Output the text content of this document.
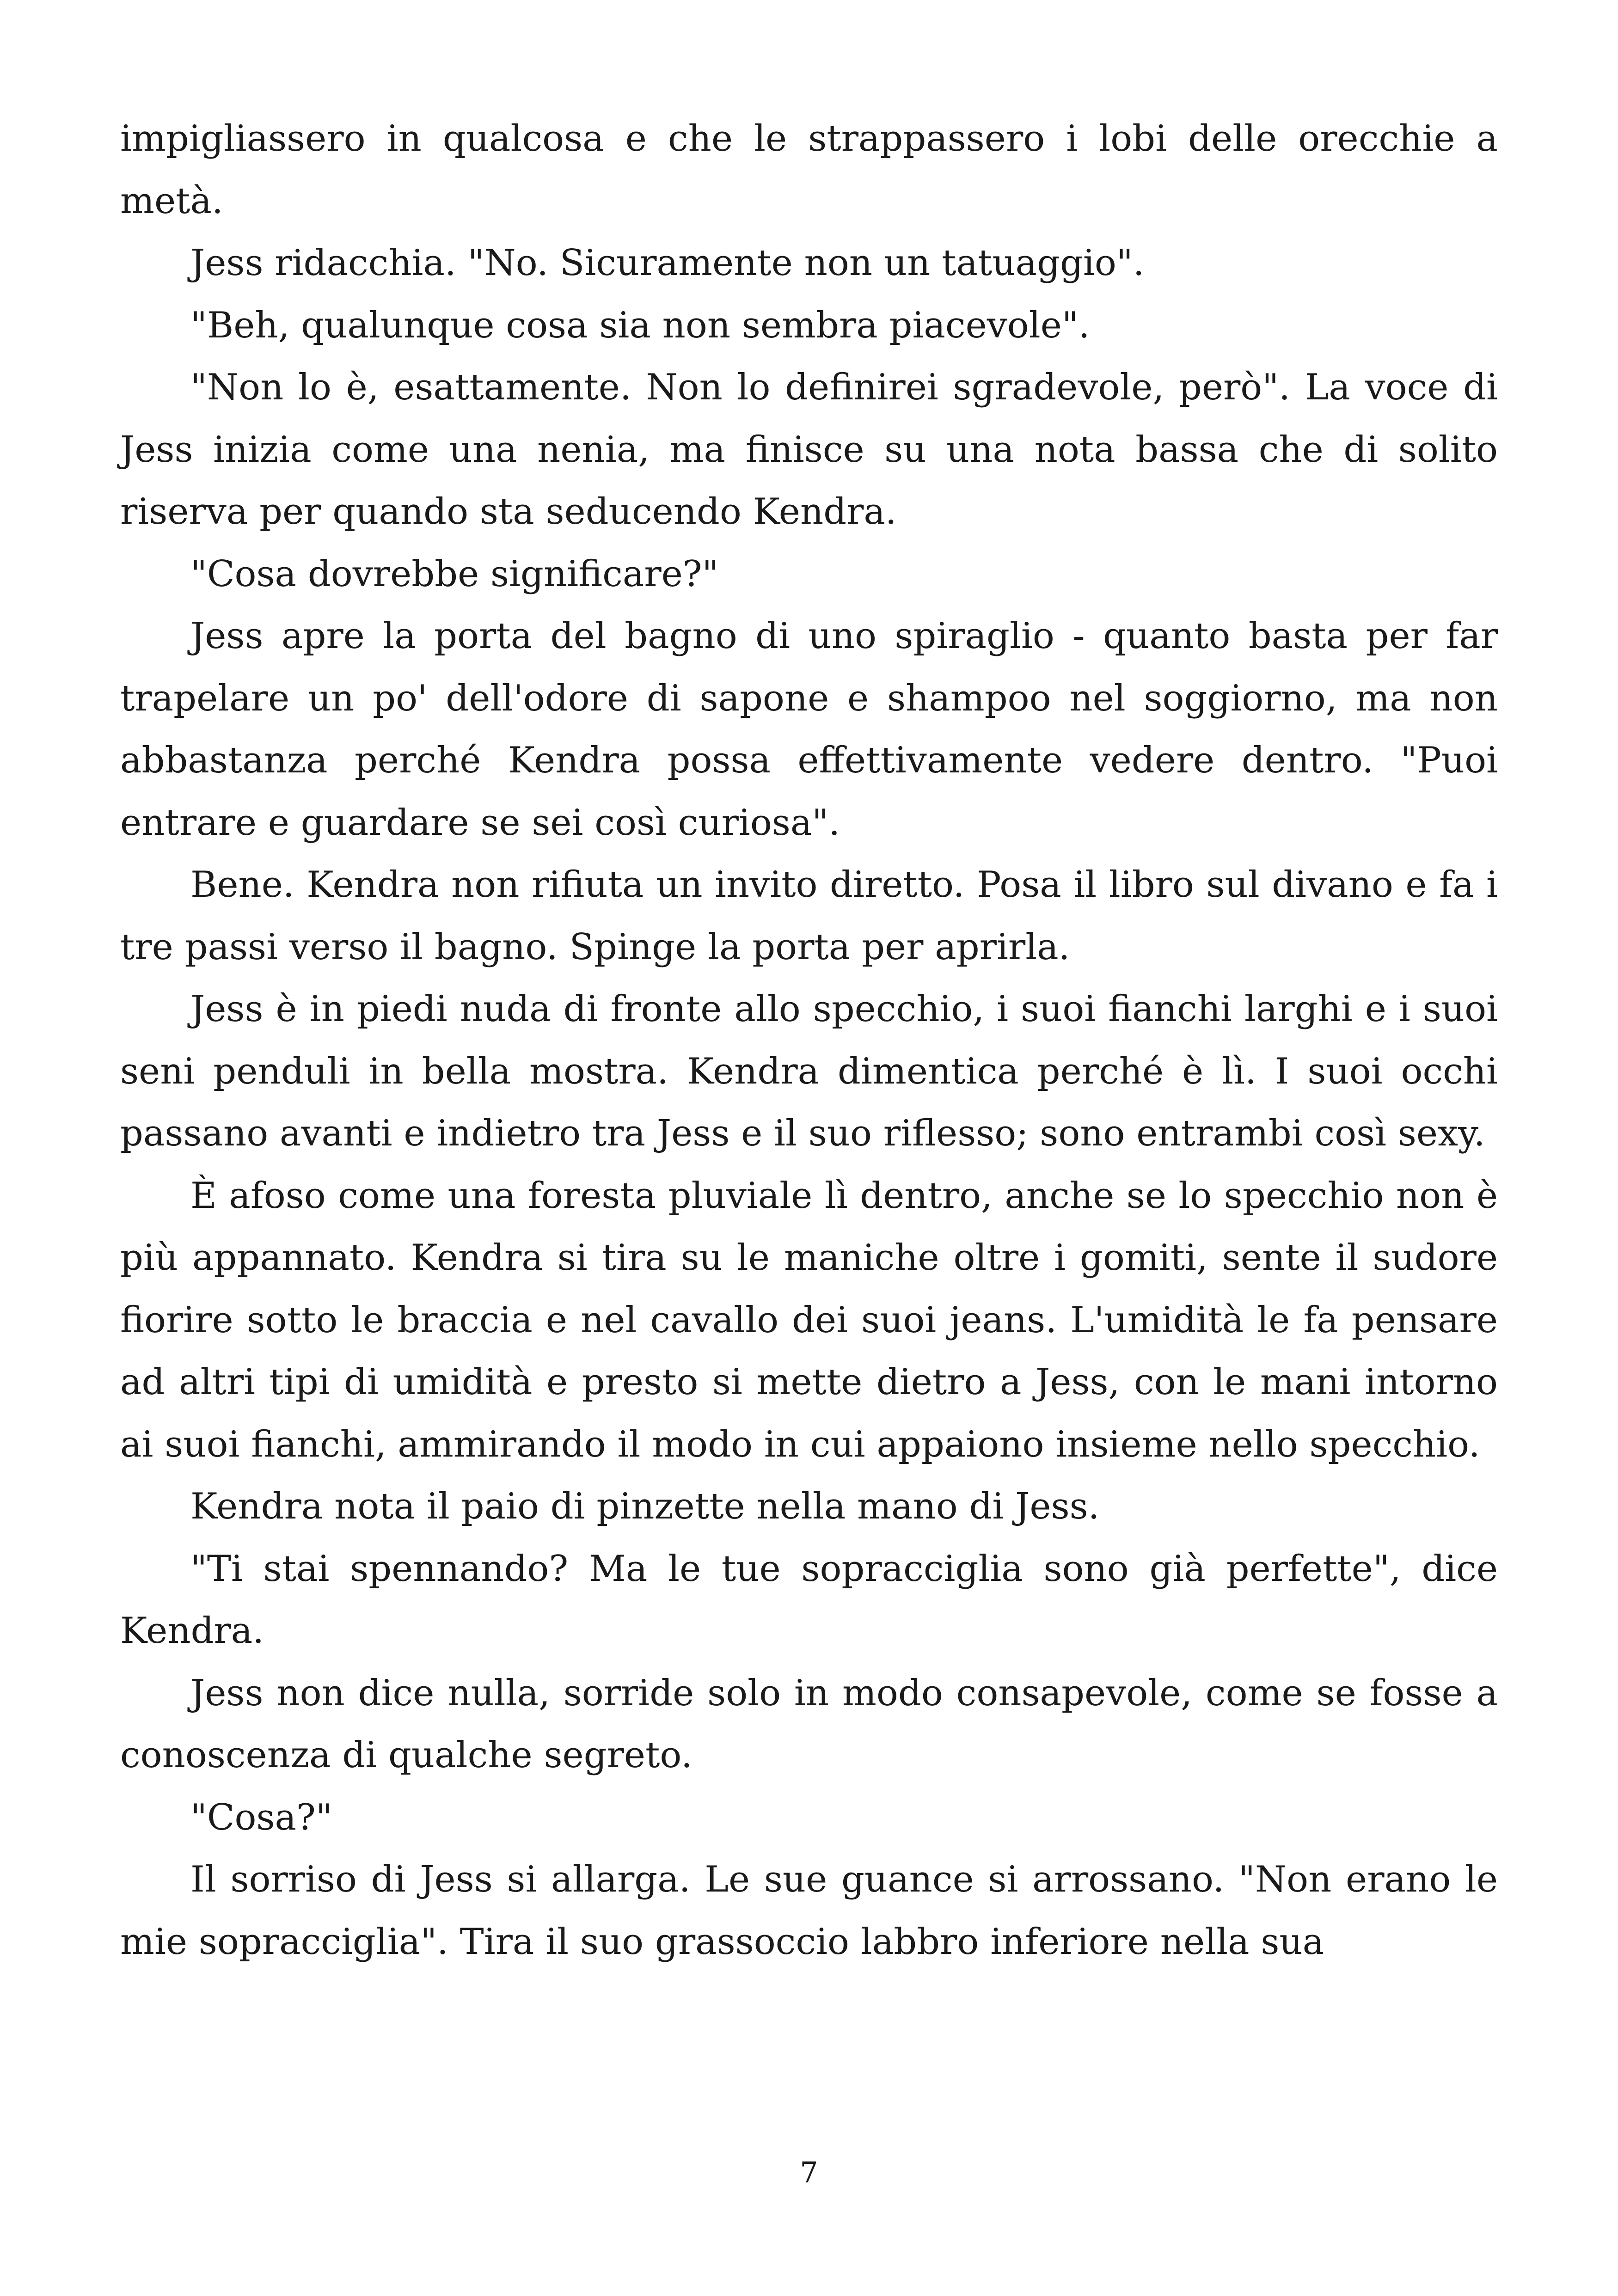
impigliassero in qualcosa e che le strappassero i lobi delle orecchie a metà.

Jess ridacchia. "No. Sicuramente non un tatuaggio".

"Beh, qualunque cosa sia non sembra piacevole".

"Non lo è, esattamente. Non lo definirei sgradevole, però". La voce di Jess inizia come una nenia, ma finisce su una nota bassa che di solito riserva per quando sta seducendo Kendra.

"Cosa dovrebbe significare?"

Jess apre la porta del bagno di uno spiraglio - quanto basta per far trapelare un po' dell'odore di sapone e shampoo nel soggiorno, ma non abbastanza perché Kendra possa effettivamente vedere dentro. "Puoi entrare e guardare se sei così curiosa".

Bene. Kendra non rifiuta un invito diretto. Posa il libro sul divano e fa i tre passi verso il bagno. Spinge la porta per aprirla.

Jess è in piedi nuda di fronte allo specchio, i suoi fianchi larghi e i suoi seni penduli in bella mostra. Kendra dimentica perché è lì. I suoi occhi passano avanti e indietro tra Jess e il suo riflesso; sono entrambi così sexy.

È afoso come una foresta pluviale lì dentro, anche se lo specchio non è più appannato. Kendra si tira su le maniche oltre i gomiti, sente il sudore fiorire sotto le braccia e nel cavallo dei suoi jeans. L'umidità le fa pensare ad altri tipi di umidità e presto si mette dietro a Jess, con le mani intorno ai suoi fianchi, ammirando il modo in cui appaiono insieme nello specchio.

Kendra nota il paio di pinzette nella mano di Jess.

"Ti stai spennando? Ma le tue sopracciglia sono già perfette", dice Kendra.

Jess non dice nulla, sorride solo in modo consapevole, come se fosse a conoscenza di qualche segreto.

"Cosa?"

Il sorriso di Jess si allarga. Le sue guance si arrossano. "Non erano le mie sopracciglia". Tira il suo grassoccio labbro inferiore nella sua

7
